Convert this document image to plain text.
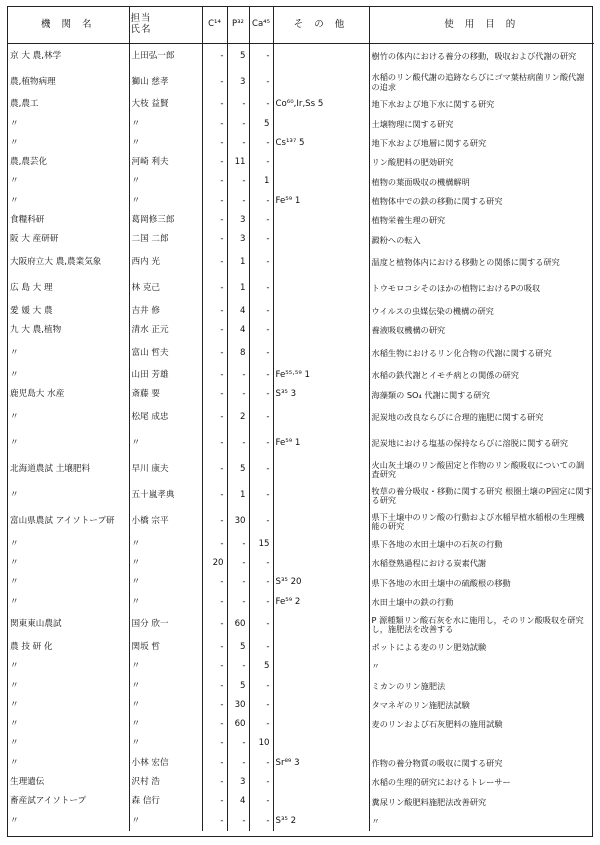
機 関 名	担当
氏名	C¹⁴	P³²	Ca⁴⁵	そ の 他	使 用 目 的
京 大 農,林学	上田弘一郎	-	5	-		樹竹の体内における養分の移動，吸収および代謝の研究
農,植物病理	獅山 慈孝	-	3	-		水稲のリン酸代謝の追跡ならびにゴマ葉枯病菌リン酸代謝の追求
農,農工	大枝 益賢	-	-	-	Co⁶⁰,Ir,Ss 5	地下水および地下水に関する研究
〃	〃	-	-	5		土壌物理に関する研究
〃	〃	-	-	-	Cs¹³⁷ 5	地下水および地層に関する研究
農,農芸化	河崎 利夫	-	11	-		リン酸肥料の肥効研究
〃	〃	-	-	1		植物の葉面吸収の機構解明
〃	〃	-	-	-	Fe⁵⁹ 1	植物体中での鉄の移動に関する研究
食糧科研	葛岡修三郎	-	3	-		植物栄養生理の研究
阪 大 産研研	二国 二郎	-	3	-		澱粉への転入
大阪府立大 農,農業気象	西内 光	-	1	-		温度と植物体内における移動との関係に関する研究
広 島 大 理	林 克己	-	1	-		トウモロコシそのほかの植物におけるPの吸収
愛 媛 大 農	吉井 修	-	4	-		ウイルスの虫媒伝染の機構の研究
九 大 農,植物	清水 正元	-	4	-		養液吸収機構の研究
〃	富山 哲夫	-	8	-		水稲生物におけるリン化合物の代謝に関する研究
〃	山田 芳雄	-	-	-	Fe⁵⁵·⁵⁹ 1	水稲の鉄代謝とイモチ病との関係の研究
鹿児島大 水産	斎藤 要	-	-	-	S³⁵ 3	海藻類の SO₄ 代謝に関する研究
〃	松尾 成忠	-	2	-		泥炭地の改良ならびに合理的施肥に関する研究
〃	〃	-	-	-	Fe⁵⁹ 1	泥炭地における塩基の保持ならびに溶脱に関する研究
北海道農試 土壌肥料	早川 康夫	-	5	-		火山灰土壌のリン酸固定と作物のリン酸吸収についての調査研究
〃	五十嵐孝典	-	1	-		牧草の養分吸収・移動に関する研究 根圏土壌のP固定に関する研究
富山県農試 アイソトープ研	小橋 宗平	-	30	-		県下土壌中のリン酸の行動および水稲早植水稲根の生理機能の研究
〃	〃	-	-	15		県下各地の水田土壌中の石灰の行動
〃	〃	20	-	-		水稲登熟過程における炭素代謝
〃	〃	-	-	-	S³⁵ 20	県下各地の水田土壌中の硫酸根の移動
〃	〃	-	-	-	Fe⁵⁹ 2	水田土壌中の鉄の行動
関東東山農試	国分 欣一	-	60	-		P 源種類リン酸石灰を水に施用し，そのリン酸吸収を研究し，施肥法を改善する
農 技 研 化	関坂 哲	-	5	-		ポットによる麦のリン肥効試験
〃	〃	-	-	5		〃
〃	〃	-	5	-		ミカンのリン施肥法
〃	〃	-	30	-		タマネギのリン施肥法試験
〃	〃	-	60	-		麦のリンおよび石灰肥料の施用試験
〃	〃	-	-	10		
〃	小林 宏信	-	-	-	Sr⁸⁹ 3	作物の養分物質の吸収に関する研究
生理遺伝	沢村 浩	-	3	-		水稲の生理的研究におけるトレーサー
畜産試アイソトープ	森 信行	-	4	-		糞尿リン酸肥料施肥法改善研究
〃	〃	-	-	-	S³⁵ 2	〃
